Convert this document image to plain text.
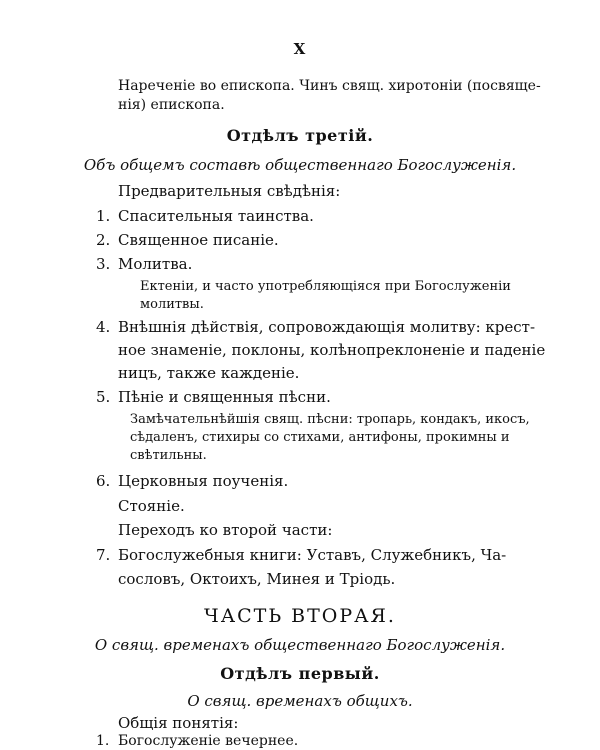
X
Нареченіе во епископа. Чинъ свящ. хиротоніи (посвяще-
нія) епископа.
Отдѣлъ третій.
Объ общемъ составѣ общественнаго Богослуженія.
Предварительныя свѣдѣнія:
1. Спасительныя таинства.
2. Священное писаніе.
3. Молитва.
Ектеніи, и часто употребляющіяся при Богослуженіи
молитвы.
4. Внѣшнія дѣйствія, сопровождающія молитву: крест-
ное знаменіе, поклоны, колѣнопреклоненіе и паденіе
ницъ, также кажденіе.
5. Пѣніе и священныя пѣсни.
Замѣчательнѣйшія свящ. пѣсни: тропарь, кондакъ, икосъ,
сѣдаленъ, стихиры со стихами, антифоны, прокимны и
свѣтильны.
6. Церковныя поученія.
Стояніе.
Переходъ ко второй части:
7. Богослужебныя книги: Уставъ, Служебникъ, Ча-
сословъ, Октоихъ, Минея и Тріодь.
ЧАСТЬ ВТОРАЯ.
О свящ. временахъ общественнаго Богослуженія.
Отдѣлъ первый.
О свящ. временахъ общихъ.
Общія понятія:
1. Богослуженіе вечернее.
